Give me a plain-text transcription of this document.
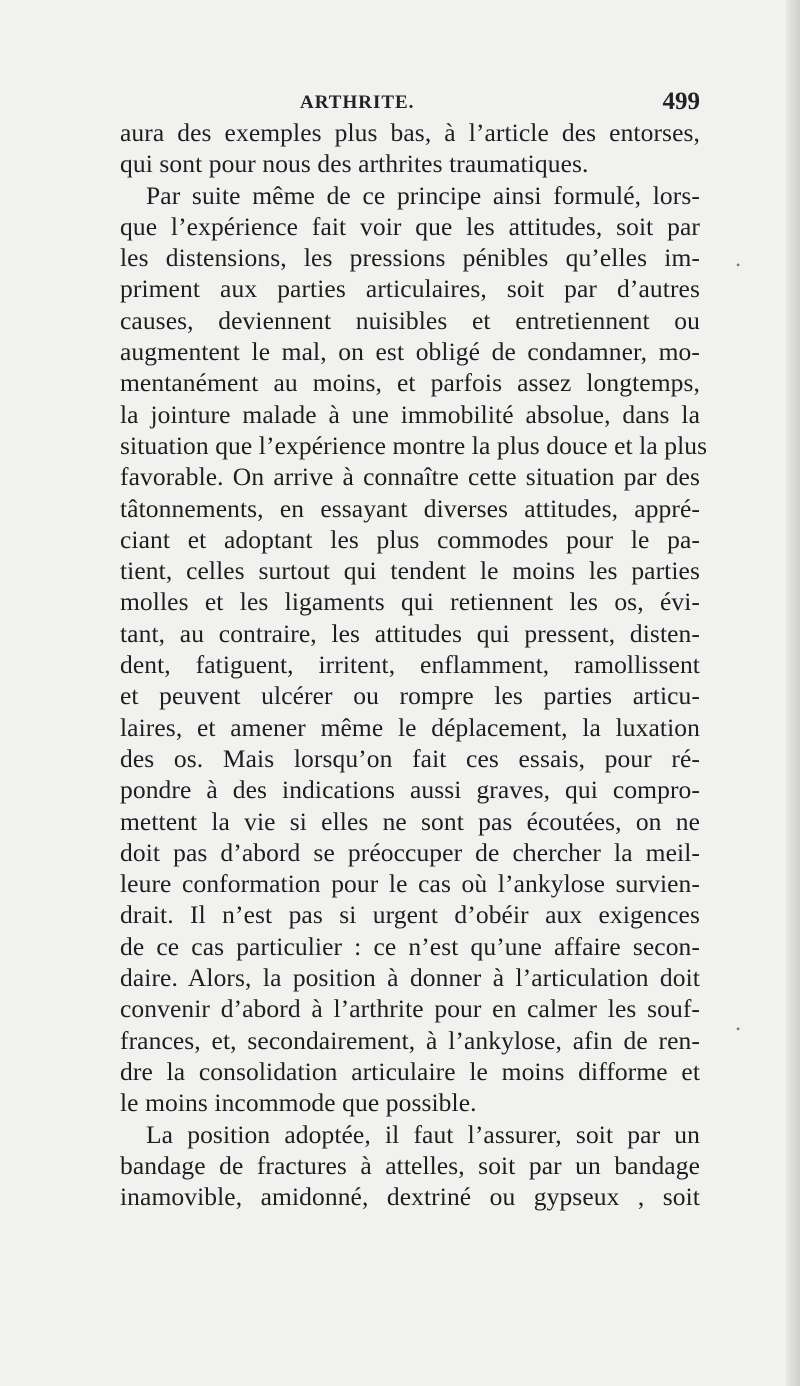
ARTHRITE.	499
aura des exemples plus bas, à l’article des entorses,
qui sont pour nous des arthrites traumatiques.
Par suite même de ce principe ainsi formulé, lors-
que l’expérience fait voir que les attitudes, soit par
les distensions, les pressions pénibles qu’elles im-
priment aux parties articulaires, soit par d’autres
causes, deviennent nuisibles et entretiennent ou
augmentent le mal, on est obligé de condamner, mo-
mentanément au moins, et parfois assez longtemps,
la jointure malade à une immobilité absolue, dans la
situation que l’expérience montre la plus douce et la plus
favorable. On arrive à connaître cette situation par des
tâtonnements, en essayant diverses attitudes, appré-
ciant et adoptant les plus commodes pour le pa-
tient, celles surtout qui tendent le moins les parties
molles et les ligaments qui retiennent les os, évi-
tant, au contraire, les attitudes qui pressent, disten-
dent, fatiguent, irritent, enflamment, ramollissent
et peuvent ulcérer ou rompre les parties articu-
laires, et amener même le déplacement, la luxation
des os. Mais lorsqu’on fait ces essais, pour ré-
pondre à des indications aussi graves, qui compro-
mettent la vie si elles ne sont pas écoutées, on ne
doit pas d’abord se préoccuper de chercher la meil-
leure conformation pour le cas où l’ankylose survien-
drait. Il n’est pas si urgent d’obéir aux exigences
de ce cas particulier : ce n’est qu’une affaire secon-
daire. Alors, la position à donner à l’articulation doit
convenir d’abord à l’arthrite pour en calmer les souf-
frances, et, secondairement, à l’ankylose, afin de ren-
dre la consolidation articulaire le moins difforme et
le moins incommode que possible.
La position adoptée, il faut l’assurer, soit par un
bandage de fractures à attelles, soit par un bandage
inamovible, amidonné, dextriné ou gypseux , soit
•
•
